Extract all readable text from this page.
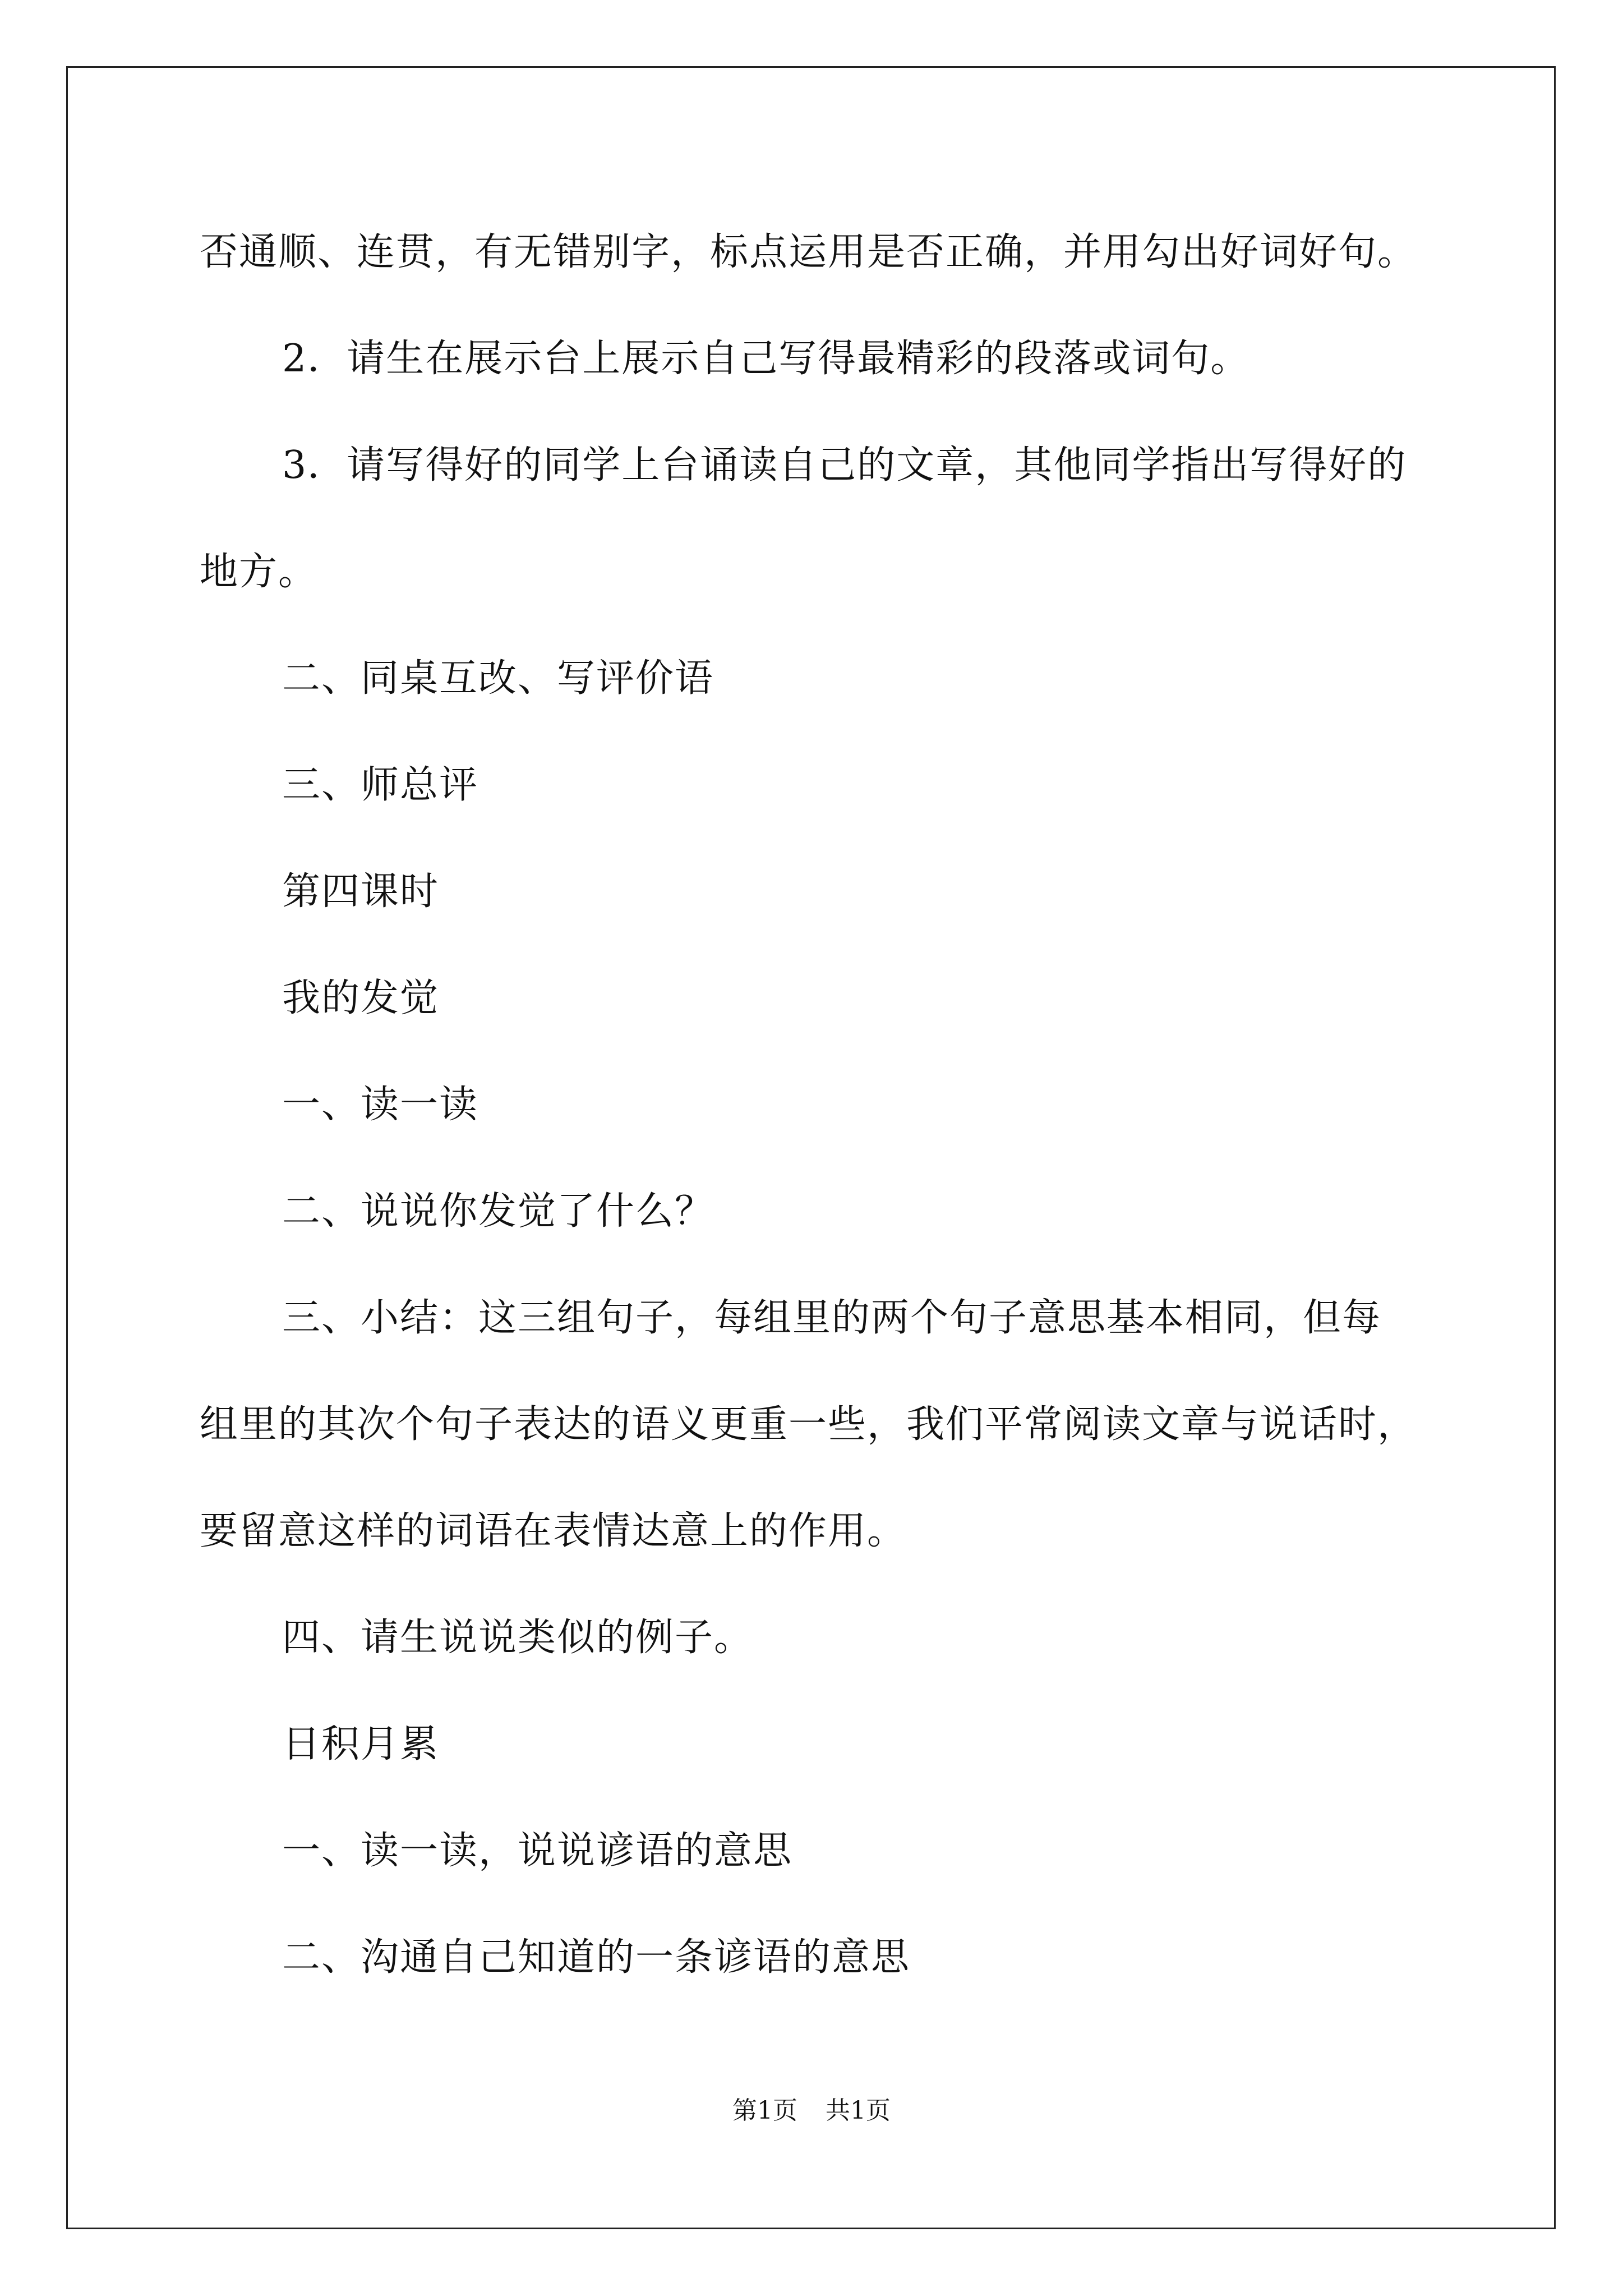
否通顺、连贯，有无错别字，标点运用是否正确，并用勾出好词好句。
2．请生在展示台上展示自己写得最精彩的段落或词句。
3．请写得好的同学上台诵读自己的文章，其他同学指出写得好的
地方。
二、同桌互改、写评价语
三、师总评
第四课时
我的发觉
一、读一读
二、说说你发觉了什么？
三、小结：这三组句子，每组里的两个句子意思基本相同，但每
组里的其次个句子表达的语义更重一些，我们平常阅读文章与说话时，
要留意这样的词语在表情达意上的作用。
四、请生说说类似的例子。
日积月累
一、读一读，说说谚语的意思
二、沟通自己知道的一条谚语的意思
第1页 共1页
